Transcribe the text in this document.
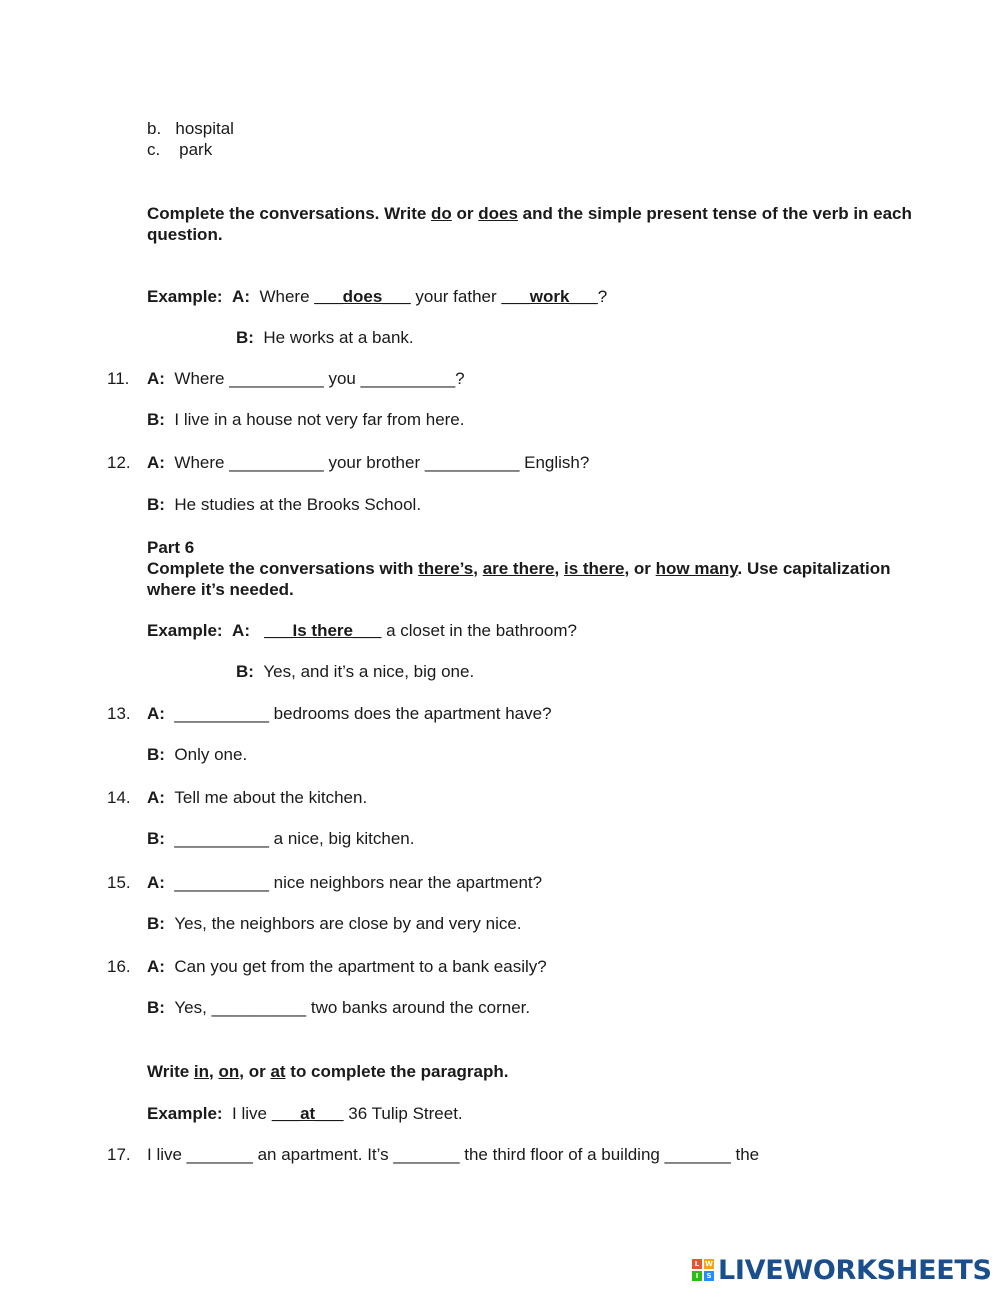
b. hospital
c. park
Complete the conversations. Write do or does and the simple present tense of the verb in each question.
Example: A: Where ___does___ your father ___work___?
B: He works at a bank.
11. A: Where __________ you __________?
B: I live in a house not very far from here.
12. A: Where __________ your brother __________ English?
B: He studies at the Brooks School.
Part 6
Complete the conversations with there’s, are there, is there, or how many. Use capitalization where it’s needed.
Example: A: ___Is there___ a closet in the bathroom?
B: Yes, and it’s a nice, big one.
13. A: __________ bedrooms does the apartment have?
B: Only one.
14. A: Tell me about the kitchen.
B: __________ a nice, big kitchen.
15. A: __________ nice neighbors near the apartment?
B: Yes, the neighbors are close by and very nice.
16. A: Can you get from the apartment to a bank easily?
B: Yes, __________ two banks around the corner.
Write in, on, or at to complete the paragraph.
Example: I live ___at___ 36 Tulip Street.
17. I live _______ an apartment. It’s _______ the third floor of a building _______ the
L W
I	S LIVEWORKSHEETS
